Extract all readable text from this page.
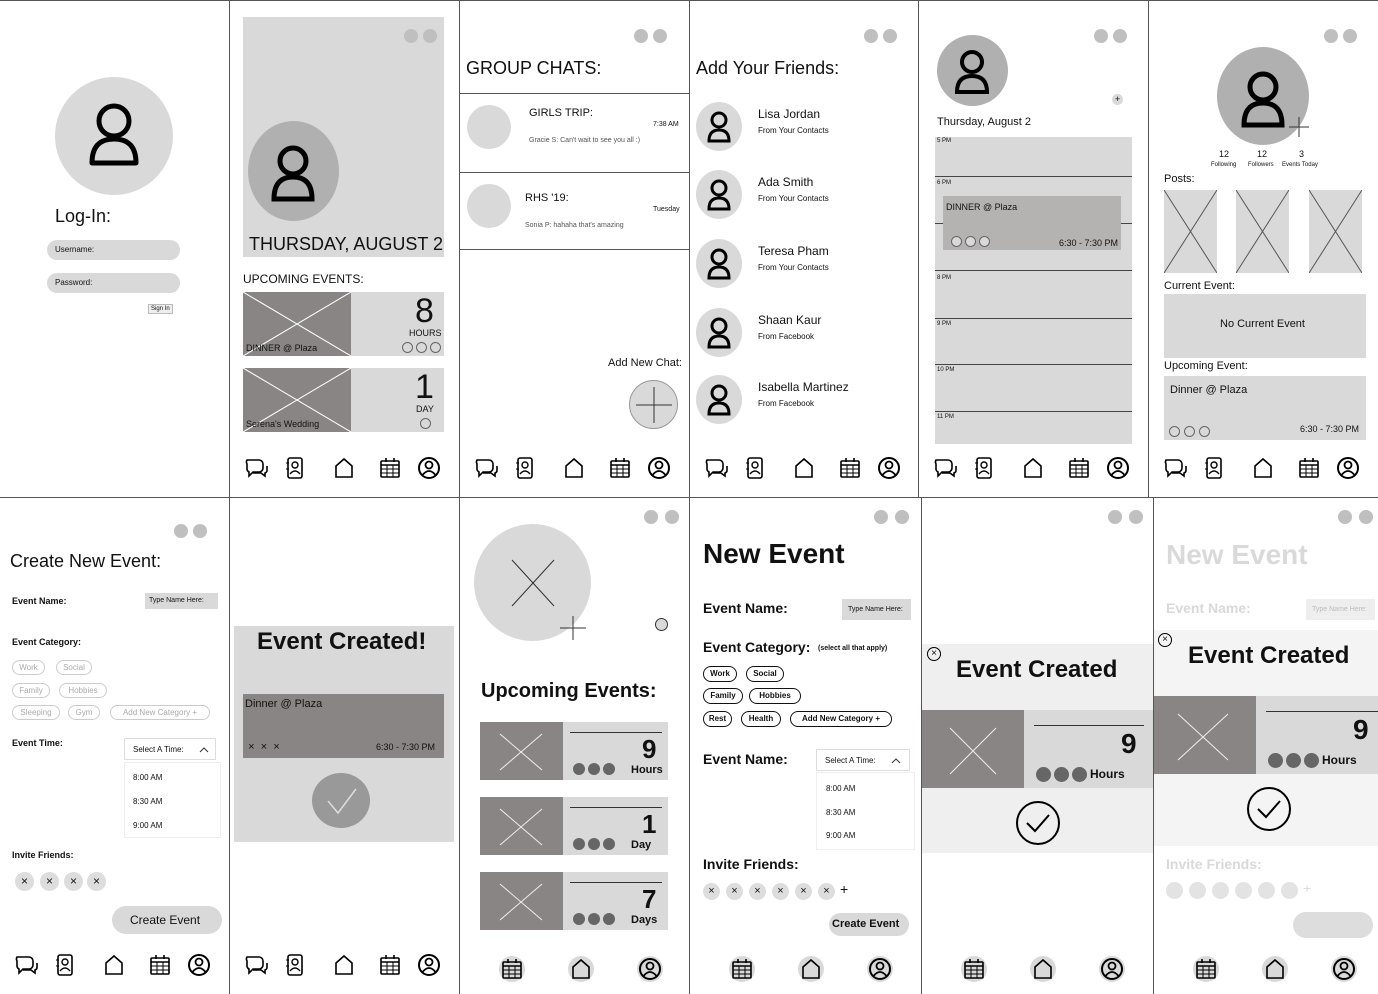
Log-In:
Username:
Password:
Sign In
THURSDAY, AUGUST 2
UPCOMING EVENTS:
DINNER @ Plaza
8
HOURS
Serena's Wedding
1
DAY
GROUP CHATS:
GIRLS TRIP:
7:38 AM
Gracie S: Can't wait to see you all :)
RHS '19:
Tuesday
Sonia P: hahaha that's amazing
Add New Chat:
Add Your Friends:
Lisa Jordan
From Your Contacts
Ada Smith
From Your Contacts
Teresa Pham
From Your Contacts
Shaan Kaur
From Facebook
Isabella Martinez
From Facebook
+
Thursday, August 2
5 PM
6 PM
8 PM
9 PM
10 PM
11 PM
DINNER @ Plaza
6:30 - 7:30 PM
12
Following
12
Followers
3
Events Today
Posts:
Current Event:
No Current Event
Upcoming Event:
Dinner @ Plaza
6:30 - 7:30 PM
Create New Event:
Event Name:	Type Name Here:
Event Category:
Event Time:
Select A Time:
8:00 AM
8:30 AM
9:00 AM
Invite Friends:
×	×	×	×
Create Event
Work	Social
Family	Hobbies
Sleeping	Gym	Add New Category +
Event Created!
Dinner @ Plaza
6:30 - 7:30 PM
×  ×  ×
Upcoming Events:
9
Hours
1
Day
7
Days
New Event
Event Name:	Type Name Here:
Event Category: (select all that apply)
Event Name:	Select A Time:
8:00 AM
8:30 AM
9:00 AM
Invite Friends:
Create Event
Work	Social
Family	Hobbies
Rest	Health	Add New Category +
×	×	×	×	×	× +
×
Event Created
9
Hours
New Event
Event Name:	Type Name Here:
×
Event Created
9
Hours
Invite Friends:
+
